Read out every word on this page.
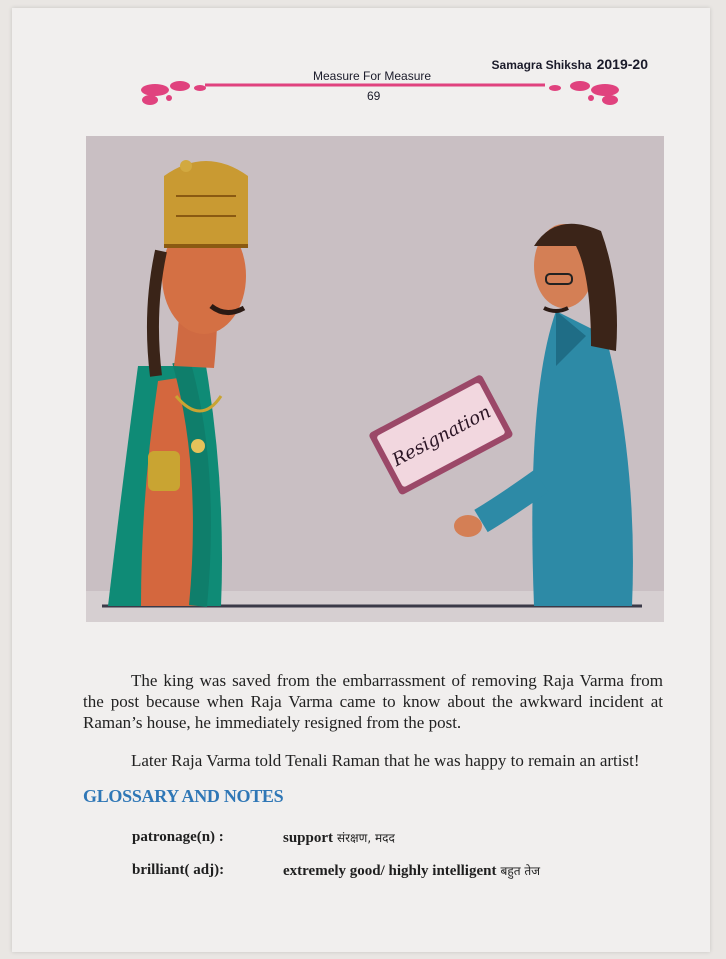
Samagra Shiksha 2019-20
Measure For Measure
69
Resignation

The king was saved from the embarrassment of removing Raja Varma from the post because when Raja Varma came to know about the awkward incident at Raman’s house, he immediately resigned from the post.

Later Raja Varma told Tenali Raman that he was happy to remain an artist!

GLOSSARY AND NOTES
patronage(n) :	support संरक्षण, मदद
brilliant( adj):	extremely good/ highly intelligent बहुत तेज
